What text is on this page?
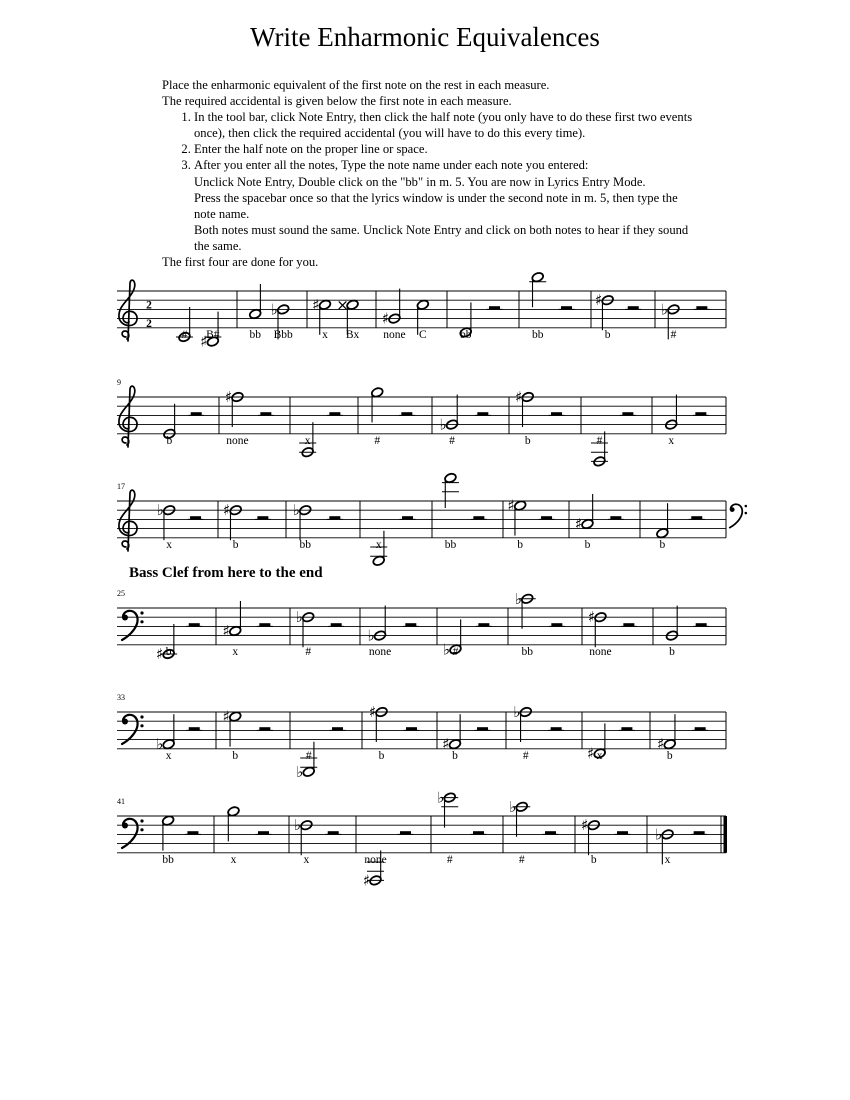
Write Enharmonic Equivalences

Place the enharmonic equivalent of the first note on the rest in each measure.

The required accidental is given below the first note in each measure.

1. In the tool bar, click Note Entry, then click the half note (you only have to do these first two events once), then click the required accidental (you will have to do this every time).
2. Enter the half note on the proper line or space.
3. After you enter all the notes, Type the note name under each note you entered:
Unclick Note Entry, Double click on the "bb" in m. 5. You are now in Lyrics Entry Mode.
Press the spacebar once so that the lyrics window is under the second note in m. 5, then type the note name.
Both notes must sound the same. Unclick Note Entry and click on both notes to hear if they sound the same.

The first four are done for you.

Bass Clef from here to the end
2
2
♯
# B#
♭
bb Bbb
♯ ×
x Bx
♯
none C	bb	bb
♯
b
♭
#
9
b
♯
none	x	#
♭
#
♯
b	#	x
17
♭
x
♯
b
♭
bb	x	bb
♯
b
♯
b	b
25
♯ b
♯
x
♭
#
♭
none	♭ #
♭
bb
♯
none	b
33
♭
x
♯
b
♭
#
♯
b
♯
b
♭
#	♯ x
♯
b
41
bb	x
♭
x
♯
none
♭
#
♭
#
♯
b
♭
x
